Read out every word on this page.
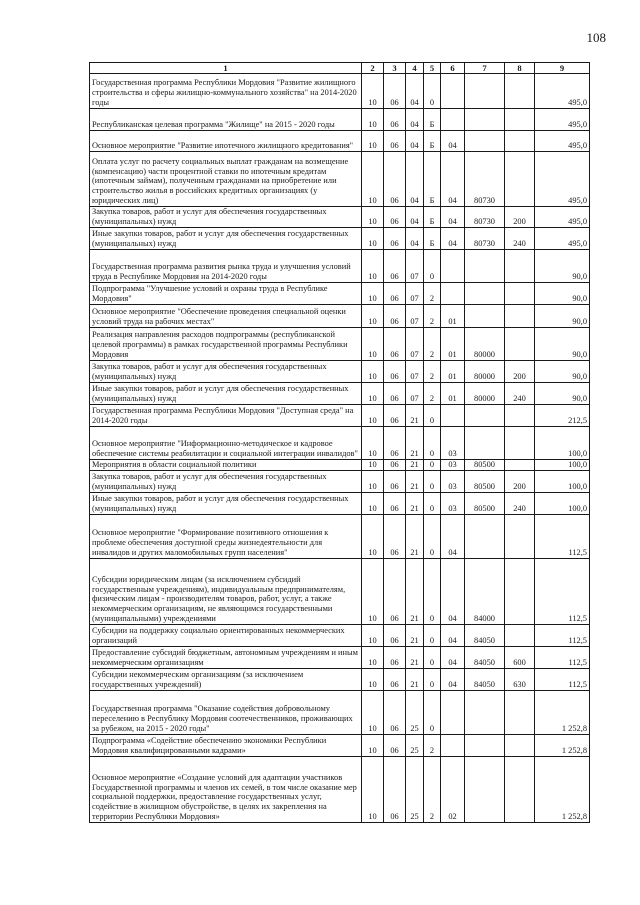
108
1	2	3	4	5	6	7	8	9
Государственная программа Республики Мордовия "Развитие жилищного строительства и сферы жилищно-коммунального хозяйства" на 2014-2020 годы	10	06	04	0				495,0
Республиканская целевая программа "Жилище" на 2015 - 2020 годы	10	06	04	Б				495,0
Основное мероприятие "Развитие ипотечного жилищного кредитования"	10	06	04	Б	04			495,0
Оплата услуг по расчету социальных выплат гражданам на возмещение (компенсацию) части процентной ставки по ипотечным кредитам (ипотечным займам), полученным гражданами на приобретение или строительство жилья в российских кредитных организациях (у юридических лиц)	10	06	04	Б	04	80730		495,0
Закупка товаров, работ и услуг для обеспечения государственных (муниципальных) нужд	10	06	04	Б	04	80730	200	495,0
Иные закупки товаров, работ и услуг для обеспечения государственных (муниципальных) нужд	10	06	04	Б	04	80730	240	495,0
Государственная программа развития рынка труда и улучшения условий труда в Республике Мордовия на 2014-2020 годы	10	06	07	0				90,0
Подпрограмма "Улучшение условий и охраны труда в Республике Мордовия"	10	06	07	2				90,0
Основное мероприятие "Обеспечение проведения специальной оценки условий труда на рабочих местах"	10	06	07	2	01			90,0
Реализация направления расходов подпрограммы (республиканской целевой программы) в рамках государственной программы Республики Мордовия	10	06	07	2	01	80000		90,0
Закупка товаров, работ и услуг для обеспечения государственных (муниципальных) нужд	10	06	07	2	01	80000	200	90,0
Иные закупки товаров, работ и услуг для обеспечения государственных (муниципальных) нужд	10	06	07	2	01	80000	240	90,0
Государственная программа Республики Мордовия "Доступная среда" на 2014-2020 годы	10	06	21	0				212,5
Основное мероприятие "Информационно-методическое и кадровое обеспечение системы реабилитации и социальной интеграции инвалидов"	10	06	21	0	03			100,0
Мероприятия в области социальной политики	10	06	21	0	03	80500		100,0
Закупка товаров, работ и услуг для обеспечения государственных (муниципальных) нужд	10	06	21	0	03	80500	200	100,0
Иные закупки товаров, работ и услуг для обеспечения государственных (муниципальных) нужд	10	06	21	0	03	80500	240	100,0
Основное мероприятие "Формирование позитивного отношения к проблеме обеспечения доступной среды жизнедеятельности для инвалидов и других маломобильных групп населения"	10	06	21	0	04			112,5
Субсидии юридическим лицам (за исключением субсидий государственным учреждениям), индивидуальным предпринимателям, физическим лицам - производителям товаров, работ, услуг, а также некоммерческим организациям, не являющимся государственными (муниципальными) учреждениями	10	06	21	0	04	84000		112,5
Субсидии на поддержку социально ориентированных некоммерческих организаций	10	06	21	0	04	84050		112,5
Предоставление субсидий бюджетным, автономным учреждениям и иным некоммерческим организациям	10	06	21	0	04	84050	600	112,5
Субсидии некоммерческим организациям (за исключением государственных учреждений)	10	06	21	0	04	84050	630	112,5
Государственная программа "Оказание содействия добровольному переселению в Республику Мордовия соотечественников, проживающих за рубежом, на 2015 - 2020 годы"	10	06	25	0				1 252,8
Подпрограмма «Содействие обеспечению экономики Республики Мордовия квалифицированными кадрами»	10	06	25	2				1 252,8
Основное мероприятие «Создание условий для адаптации участников Государственной программы и членов их семей, в том числе оказание мер социальной поддержки, предоставление государственных услуг, содействие в жилищном обустройстве, в целях их закрепления на территории Республики Мордовия»	10	06	25	2	02			1 252,8
